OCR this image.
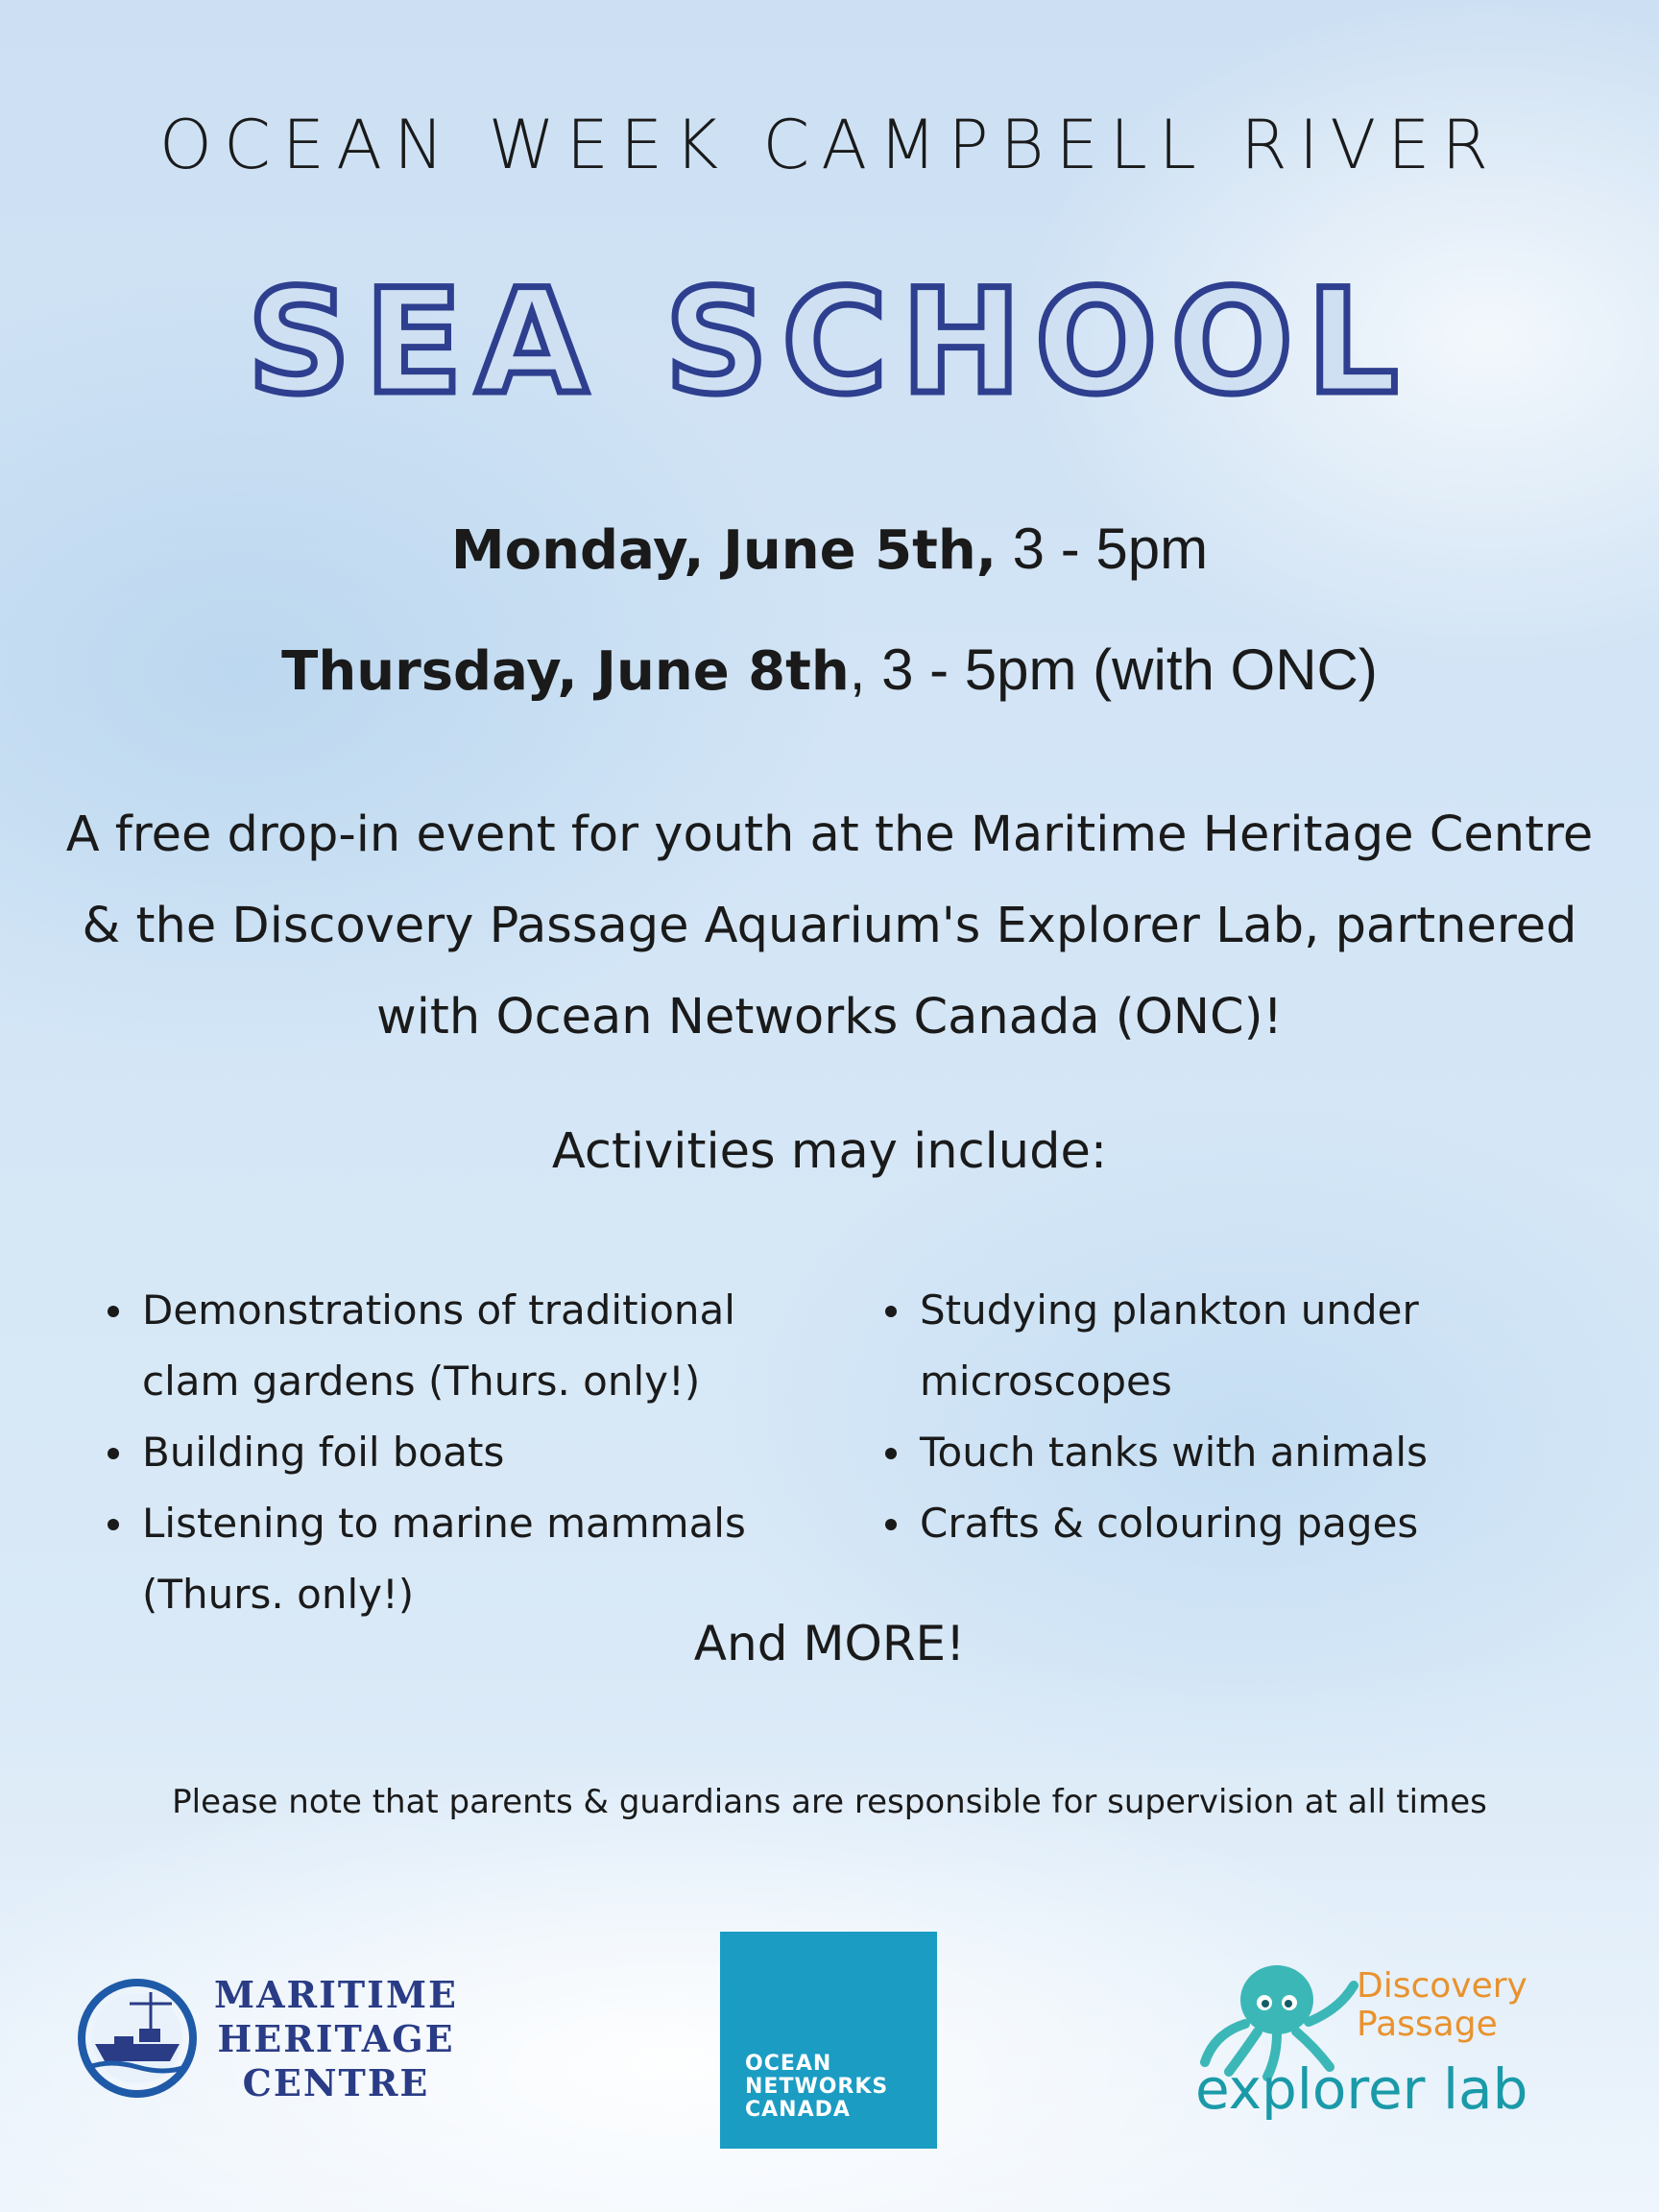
OCEAN WEEK CAMPBELL RIVER
SEA SCHOOL
Monday, June 5th, 3 - 5pm
Thursday, June 8th, 3 - 5pm (with ONC)
A free drop-in event for youth at the Maritime Heritage Centre & the Discovery Passage Aquarium's Explorer Lab, partnered with Ocean Networks Canada (ONC)!
Activities may include:
Demonstrations of traditional clam gardens (Thurs. only!)
Building foil boats
Listening to marine mammals (Thurs. only!)
Studying plankton under microscopes
Touch tanks with animals
Crafts & colouring pages
And MORE!
Please note that parents & guardians are responsible for supervision at all times
MARITIME
HERITAGE
CENTRE	OCEAN
NETWORKS
CANADA
Discovery
Passage
explorer lab
